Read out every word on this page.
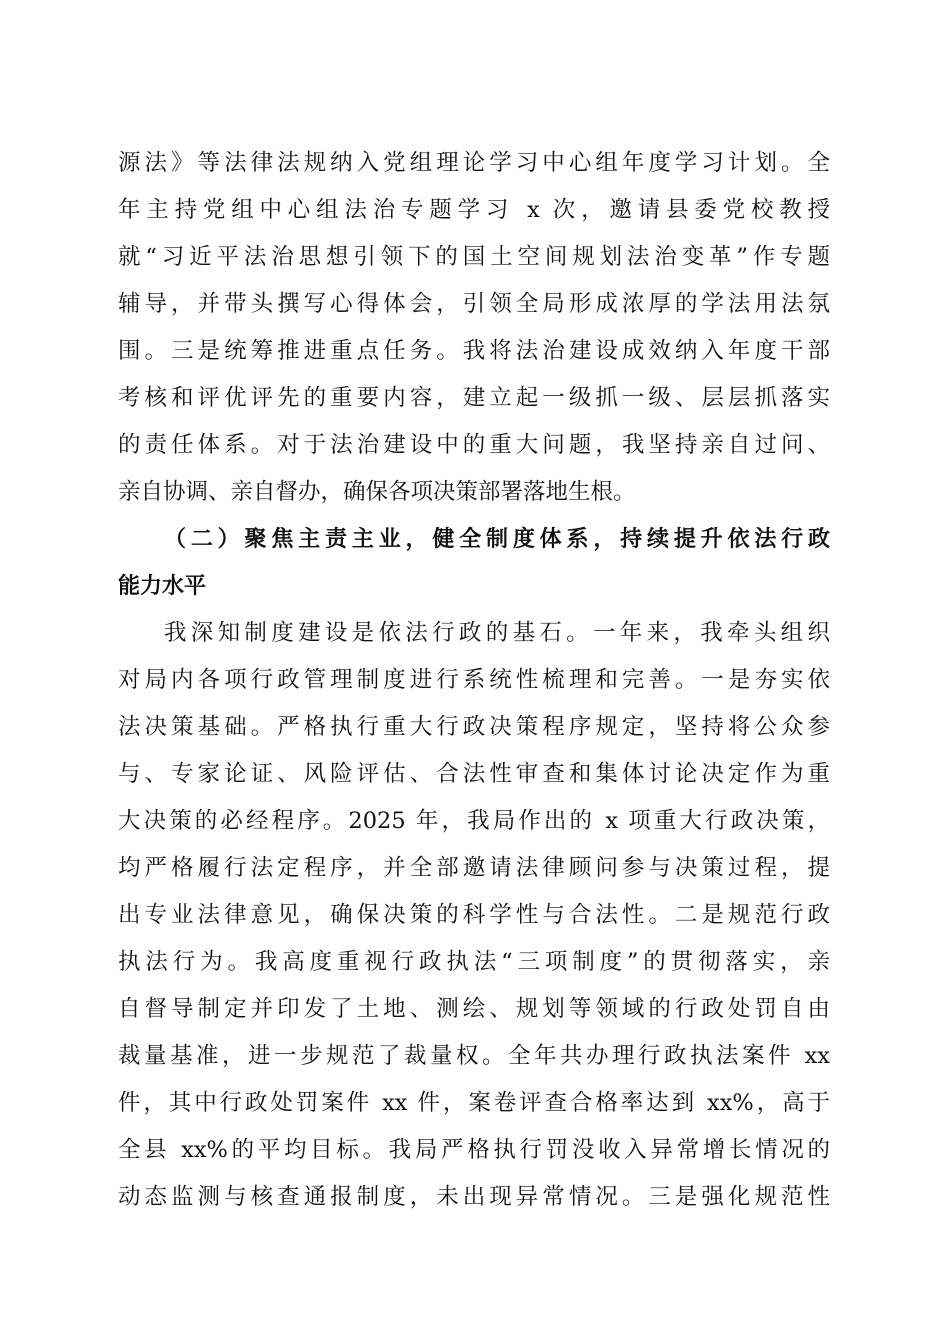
源法》等法律法规纳入党组理论学习中心组年度学习计划。全
年主持党组中心组法治专题学习 x 次，邀请县委党校教授
就“习近平法治思想引领下的国土空间规划法治变革”作专题
辅导，并带头撰写心得体会，引领全局形成浓厚的学法用法氛
围。三是统筹推进重点任务。我将法治建设成效纳入年度干部
考核和评优评先的重要内容，建立起一级抓一级、层层抓落实
的责任体系。对于法治建设中的重大问题，我坚持亲自过问、
亲自协调、亲自督办，确保各项决策部署落地生根。
（二）聚焦主责主业，健全制度体系，持续提升依法行政
能力水平
我深知制度建设是依法行政的基石。一年来，我牵头组织
对局内各项行政管理制度进行系统性梳理和完善。一是夯实依
法决策基础。严格执行重大行政决策程序规定，坚持将公众参
与、专家论证、风险评估、合法性审查和集体讨论决定作为重
大决策的必经程序。2025 年，我局作出的 x 项重大行政决策，
均严格履行法定程序，并全部邀请法律顾问参与决策过程，提
出专业法律意见，确保决策的科学性与合法性。二是规范行政
执法行为。我高度重视行政执法“三项制度”的贯彻落实，亲
自督导制定并印发了土地、测绘、规划等领域的行政处罚自由
裁量基准，进一步规范了裁量权。全年共办理行政执法案件 xx
件，其中行政处罚案件 xx 件，案卷评查合格率达到 xx%，高于
全县 xx%的平均目标。我局严格执行罚没收入异常增长情况的
动态监测与核查通报制度，未出现异常情况。三是强化规范性
